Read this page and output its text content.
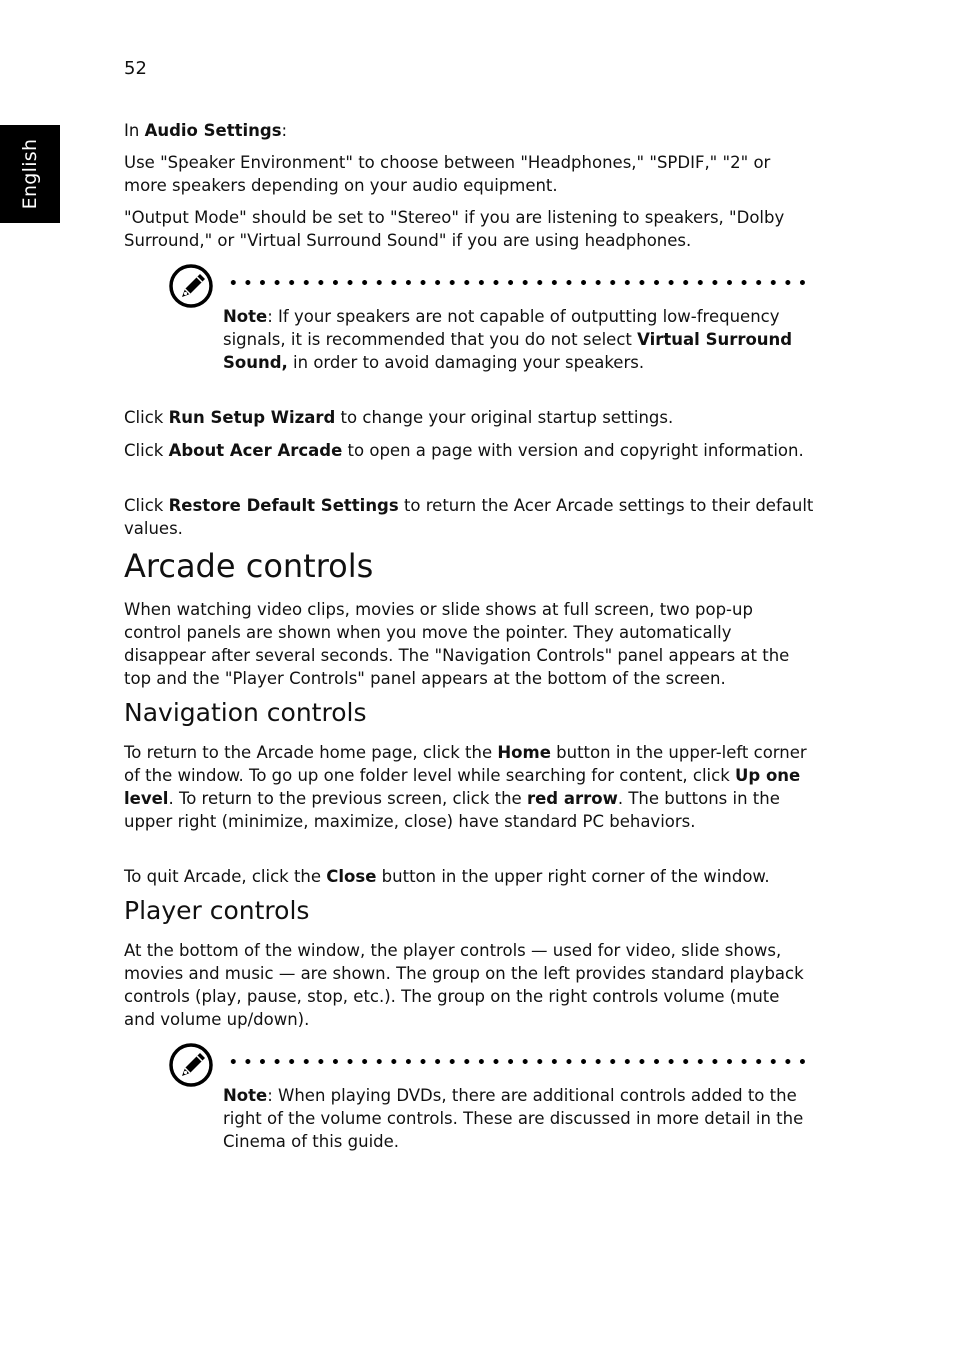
52
English

In Audio Settings:

Use "Speaker Environment" to choose between "Headphones," "SPDIF," "2" or more speakers depending on your audio equipment.

"Output Mode" should be set to "Stereo" if you are listening to speakers, "Dolby Surround," or "Virtual Surround Sound" if you are using headphones.

Note: If your speakers are not capable of outputting low-frequency signals, it is recommended that you do not select Virtual Surround Sound, in order to avoid damaging your speakers.

Click Run Setup Wizard to change your original startup settings.

Click About Acer Arcade to open a page with version and copyright information.

Click Restore Default Settings to return the Acer Arcade settings to their default values.

Arcade controls

When watching video clips, movies or slide shows at full screen, two pop-up control panels are shown when you move the pointer. They automatically disappear after several seconds. The "Navigation Controls" panel appears at the top and the "Player Controls" panel appears at the bottom of the screen.

Navigation controls

To return to the Arcade home page, click the Home button in the upper-left corner of the window. To go up one folder level while searching for content, click Up one level. To return to the previous screen, click the red arrow. The buttons in the upper right (minimize, maximize, close) have standard PC behaviors.

To quit Arcade, click the Close button in the upper right corner of the window.

Player controls

At the bottom of the window, the player controls — used for video, slide shows, movies and music — are shown. The group on the left provides standard playback controls (play, pause, stop, etc.). The group on the right controls volume (mute and volume up/down).

Note: When playing DVDs, there are additional controls added to the right of the volume controls. These are discussed in more detail in the Cinema of this guide.
